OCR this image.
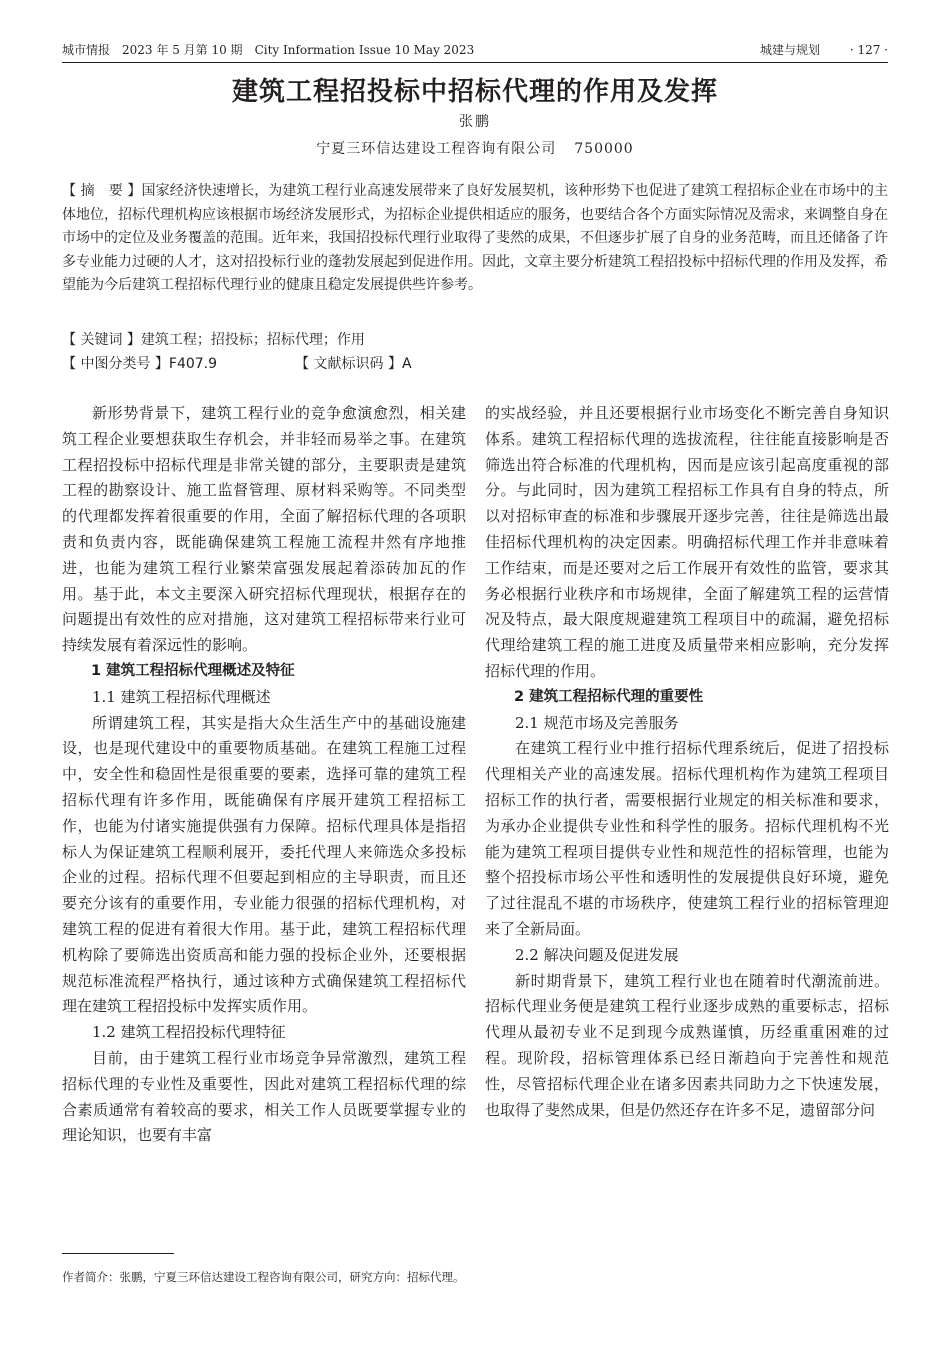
城市情报　 2023 年 5 月第 10 期　 City Information Issue 10 May 2023	城建与规划 · 127 ·
建筑工程招投标中招标代理的作用及发挥
张鹏
宁夏三环信达建设工程咨询有限公司 750000

【 摘　要 】国家经济快速增长，为建筑工程行业高速发展带来了良好发展契机，该种形势下也促进了建筑工程招标企业在市场中的主体地位，招标代理机构应该根据市场经济发展形式，为招标企业提供相适应的服务，也要结合各个方面实际情况及需求，来调整自身在市场中的定位及业务覆盖的范围。近年来，我国招投标代理行业取得了斐然的成果，不但逐步扩展了自身的业务范畴，而且还储备了许多专业能力过硬的人才，这对招投标行业的蓬勃发展起到促进作用。因此，文章主要分析建筑工程招投标中招标代理的作用及发挥，希望能为今后建筑工程招标代理行业的健康且稳定发展提供些许参考。

【 关键词 】建筑工程；招投标；招标代理；作用
【 中图分类号 】F407.9	【 文献标识码 】A

新形势背景下，建筑工程行业的竞争愈演愈烈，相关建筑工程企业要想获取生存机会，并非轻而易举之事。在建筑工程招投标中招标代理是非常关键的部分，主要职责是建筑工程的勘察设计、施工监督管理、原材料采购等。不同类型的代理都发挥着很重要的作用，全面了解招标代理的各项职责和负责内容，既能确保建筑工程施工流程井然有序地推进，也能为建筑工程行业繁荣富强发展起着添砖加瓦的作用。基于此，本文主要深入研究招标代理现状，根据存在的问题提出有效性的应对措施，这对建筑工程招标带来行业可持续发展有着深远性的影响。

1 建筑工程招标代理概述及特征
1.1 建筑工程招标代理概述

所谓建筑工程，其实是指大众生活生产中的基础设施建设，也是现代建设中的重要物质基础。在建筑工程施工过程中，安全性和稳固性是很重要的要素，选择可靠的建筑工程招标代理有许多作用，既能确保有序展开建筑工程招标工作，也能为付诸实施提供强有力保障。招标代理具体是指招标人为保证建筑工程顺利展开，委托代理人来筛选众多投标企业的过程。招标代理不但要起到相应的主导职责，而且还要充分该有的重要作用，专业能力很强的招标代理机构，对建筑工程的促进有着很大作用。基于此，建筑工程招标代理机构除了要筛选出资质高和能力强的投标企业外，还要根据规范标准流程严格执行，通过该种方式确保建筑工程招标代理在建筑工程招投标中发挥实质作用。

1.2 建筑工程招投标代理特征

目前，由于建筑工程行业市场竞争异常激烈，建筑工程招标代理的专业性及重要性，因此对建筑工程招标代理的综合素质通常有着较高的要求，相关工作人员既要掌握专业的理论知识，也要有丰富

的实战经验，并且还要根据行业市场变化不断完善自身知识体系。建筑工程招标代理的选拔流程，往往能直接影响是否筛选出符合标准的代理机构，因而是应该引起高度重视的部分。与此同时，因为建筑工程招标工作具有自身的特点，所以对招标审查的标准和步骤展开逐步完善，往往是筛选出最佳招标代理机构的决定因素。明确招标代理工作并非意味着工作结束，而是还要对之后工作展开有效性的监管，要求其务必根据行业秩序和市场规律，全面了解建筑工程的运营情况及特点，最大限度规避建筑工程项目中的疏漏，避免招标代理给建筑工程的施工进度及质量带来相应影响，充分发挥招标代理的作用。

2 建筑工程招标代理的重要性
2.1 规范市场及完善服务

在建筑工程行业中推行招标代理系统后，促进了招投标代理相关产业的高速发展。招标代理机构作为建筑工程项目招标工作的执行者，需要根据行业规定的相关标准和要求，为承办企业提供专业性和科学性的服务。招标代理机构不光能为建筑工程项目提供专业性和规范性的招标管理，也能为整个招投标市场公平性和透明性的发展提供良好环境，避免了过往混乱不堪的市场秩序，使建筑工程行业的招标管理迎来了全新局面。

2.2 解决问题及促进发展

新时期背景下，建筑工程行业也在随着时代潮流前进。招标代理业务便是建筑工程行业逐步成熟的重要标志，招标代理从最初专业不足到现今成熟谨慎，历经重重困难的过程。现阶段，招标管理体系已经日渐趋向于完善性和规范性，尽管招标代理企业在诸多因素共同助力之下快速发展，也取得了斐然成果，但是仍然还存在许多不足，遗留部分问

作者简介：张鹏，宁夏三环信达建设工程咨询有限公司，研究方向：招标代理。
